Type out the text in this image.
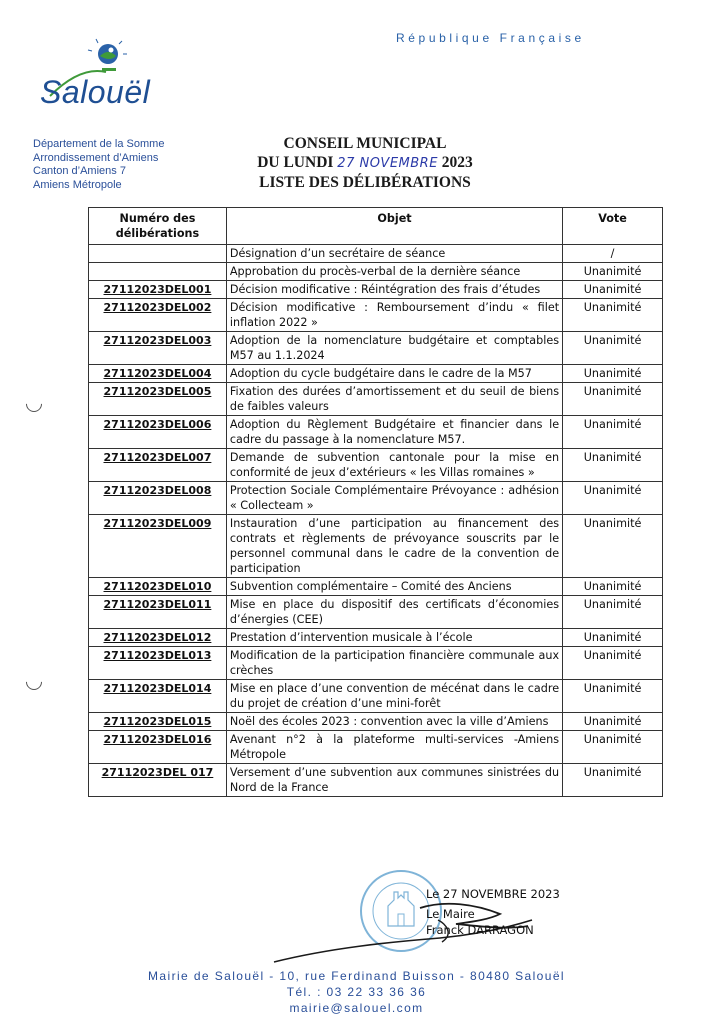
République Française
Salouël
Département de la Somme
Arrondissement d’Amiens
Canton d’Amiens 7
Amiens Métropole
CONSEIL MUNICIPAL
DU LUNDI 27 NOVEMBRE 2023
LISTE DES DÉLIBÉRATIONS
Numéro des délibérations	Objet	Vote
	Désignation d’un secrétaire de séance	/
	Approbation du procès-verbal de la dernière séance	Unanimité
27112023DEL001	Décision modificative : Réintégration des frais d’études	Unanimité
27112023DEL002	Décision modificative : Remboursement d’indu « filet inflation 2022 »	Unanimité
27112023DEL003	Adoption de la nomenclature budgétaire et comptables M57 au 1.1.2024	Unanimité
27112023DEL004	Adoption du cycle budgétaire dans le cadre de la M57	Unanimité
27112023DEL005	Fixation des durées d’amortissement et du seuil de biens de faibles valeurs	Unanimité
27112023DEL006	Adoption du Règlement Budgétaire et financier dans le cadre du passage à la nomenclature M57.	Unanimité
27112023DEL007	Demande de subvention cantonale pour la mise en conformité de jeux d’extérieurs « les Villas romaines »	Unanimité
27112023DEL008	Protection Sociale Complémentaire Prévoyance : adhésion « Collecteam »	Unanimité
27112023DEL009	Instauration d’une participation au financement des contrats et règlements de prévoyance souscrits par le personnel communal dans le cadre de la convention de participation	Unanimité
27112023DEL010	Subvention complémentaire – Comité des Anciens	Unanimité
27112023DEL011	Mise en place du dispositif des certificats d’économies d’énergies (CEE)	Unanimité
27112023DEL012	Prestation d’intervention musicale à l’école	Unanimité
27112023DEL013	Modification de la participation financière communale aux crèches	Unanimité
27112023DEL014	Mise en place d’une convention de mécénat dans le cadre du projet de création d’une mini-forêt	Unanimité
27112023DEL015	Noël des écoles 2023 : convention avec la ville d’Amiens	Unanimité
27112023DEL016	Avenant n°2 à la plateforme multi-services -Amiens Métropole	Unanimité
27112023DEL 017	Versement d’une subvention aux communes sinistrées du Nord de la France	Unanimité
Le 27 NOVEMBRE 2023
Le Maire
Franck DARRAGON
Mairie de Salouël - 10, rue Ferdinand Buisson - 80480 Salouël
Tél. : 03 22 33 36 36
mairie@salouel.com
